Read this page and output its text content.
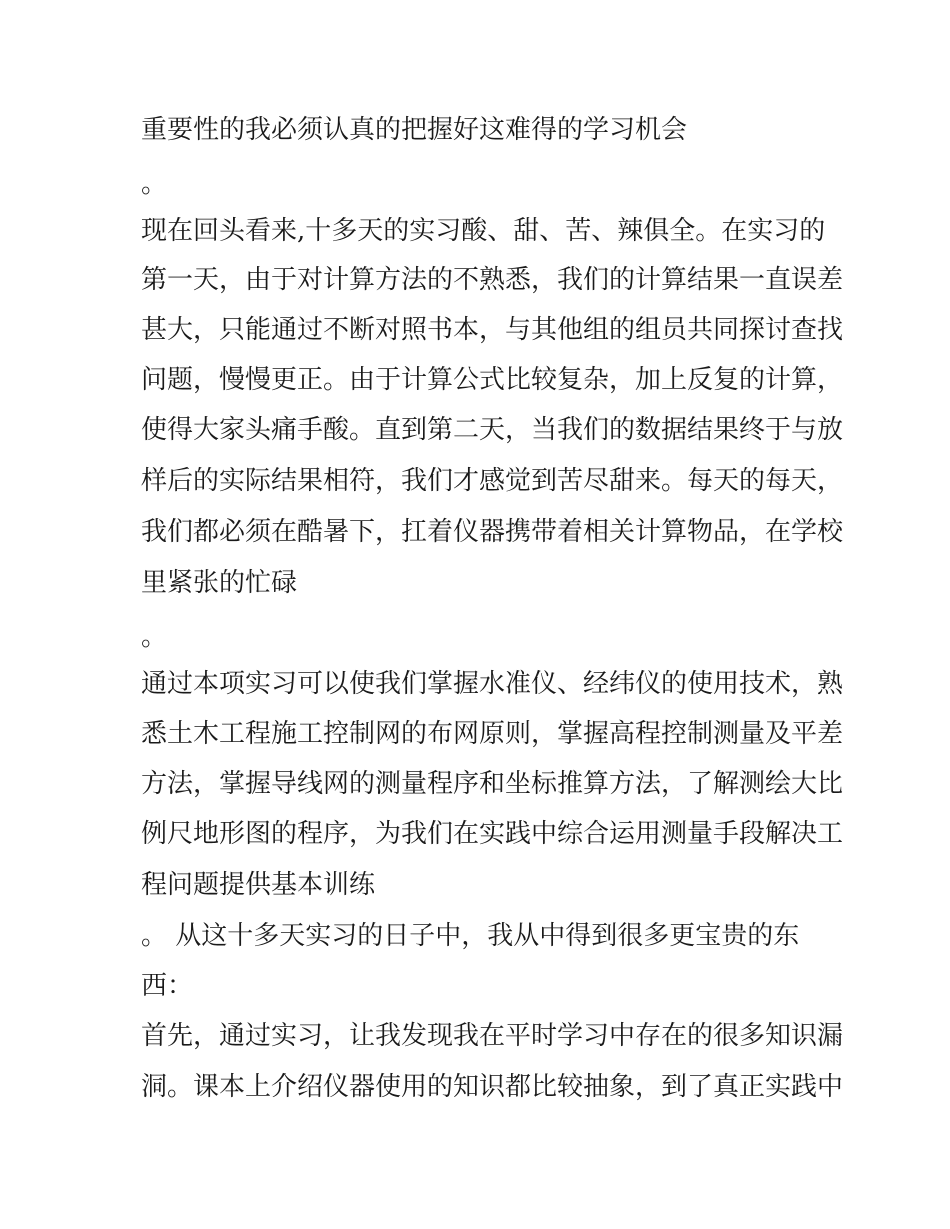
重要性的我必须认真的把握好这难得的学习机会
。
现在回头看来,十多天的实习酸、甜、苦、辣俱全。在实习的
第一天，由于对计算方法的不熟悉，我们的计算结果一直误差
甚大，只能通过不断对照书本，与其他组的组员共同探讨查找
问题，慢慢更正。由于计算公式比较复杂，加上反复的计算，
使得大家头痛手酸。直到第二天，当我们的数据结果终于与放
样后的实际结果相符，我们才感觉到苦尽甜来。每天的每天，
我们都必须在酷暑下，扛着仪器携带着相关计算物品，在学校
里紧张的忙碌
。
通过本项实习可以使我们掌握水准仪、经纬仪的使用技术，熟
悉土木工程施工控制网的布网原则，掌握高程控制测量及平差
方法，掌握导线网的测量程序和坐标推算方法，了解测绘大比
例尺地形图的程序，为我们在实践中综合运用测量手段解决工
程问题提供基本训练
。 从这十多天实习的日子中，我从中得到很多更宝贵的东
西：
首先，通过实习，让我发现我在平时学习中存在的很多知识漏
洞。课本上介绍仪器使用的知识都比较抽象，到了真正实践中
